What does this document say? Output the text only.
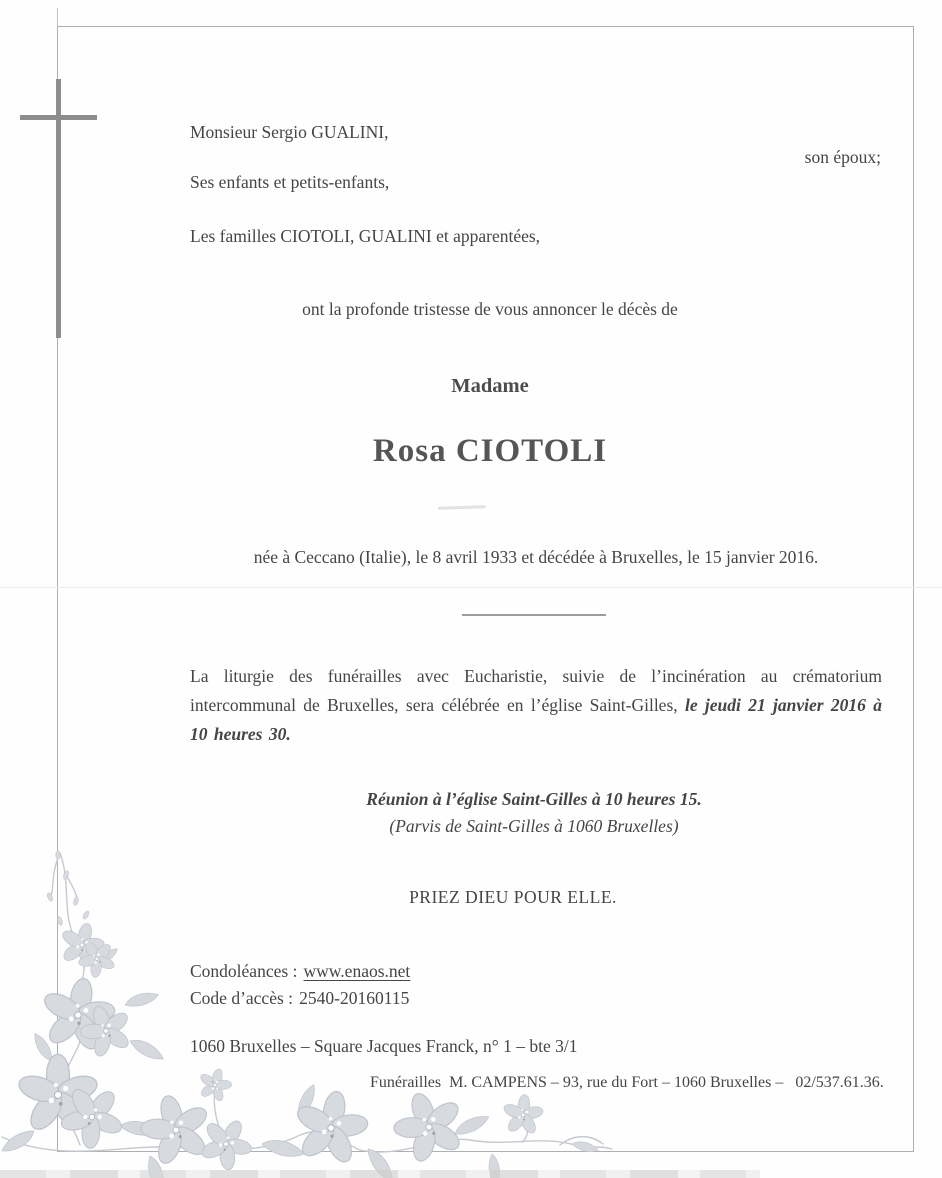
Monsieur Sergio GUALINI,
son époux;
Ses enfants et petits-enfants,
Les familles CIOTOLI, GUALINI et apparentées,
ont la profonde tristesse de vous annoncer le décès de
Madame
Rosa CIOTOLI
née à Ceccano (Italie), le 8 avril 1933 et décédée à Bruxelles, le 15 janvier 2016.
La liturgie des funérailles avec Eucharistie, suivie de l’incinération au crématorium intercommunal de Bruxelles, sera célébrée en l’église Saint-Gilles, le jeudi 21 janvier 2016 à 10 heures 30.
Réunion à l’église Saint-Gilles à 10 heures 15.
(Parvis de Saint-Gilles à 1060 Bruxelles)
PRIEZ DIEU POUR ELLE.
Condoléances : www.enaos.net
Code d’accès : 2540-20160115
1060 Bruxelles – Square Jacques Franck, n° 1 – bte 3/1
Funérailles  M. CAMPENS – 93, rue du Fort – 1060 Bruxelles –   02/537.61.36.
